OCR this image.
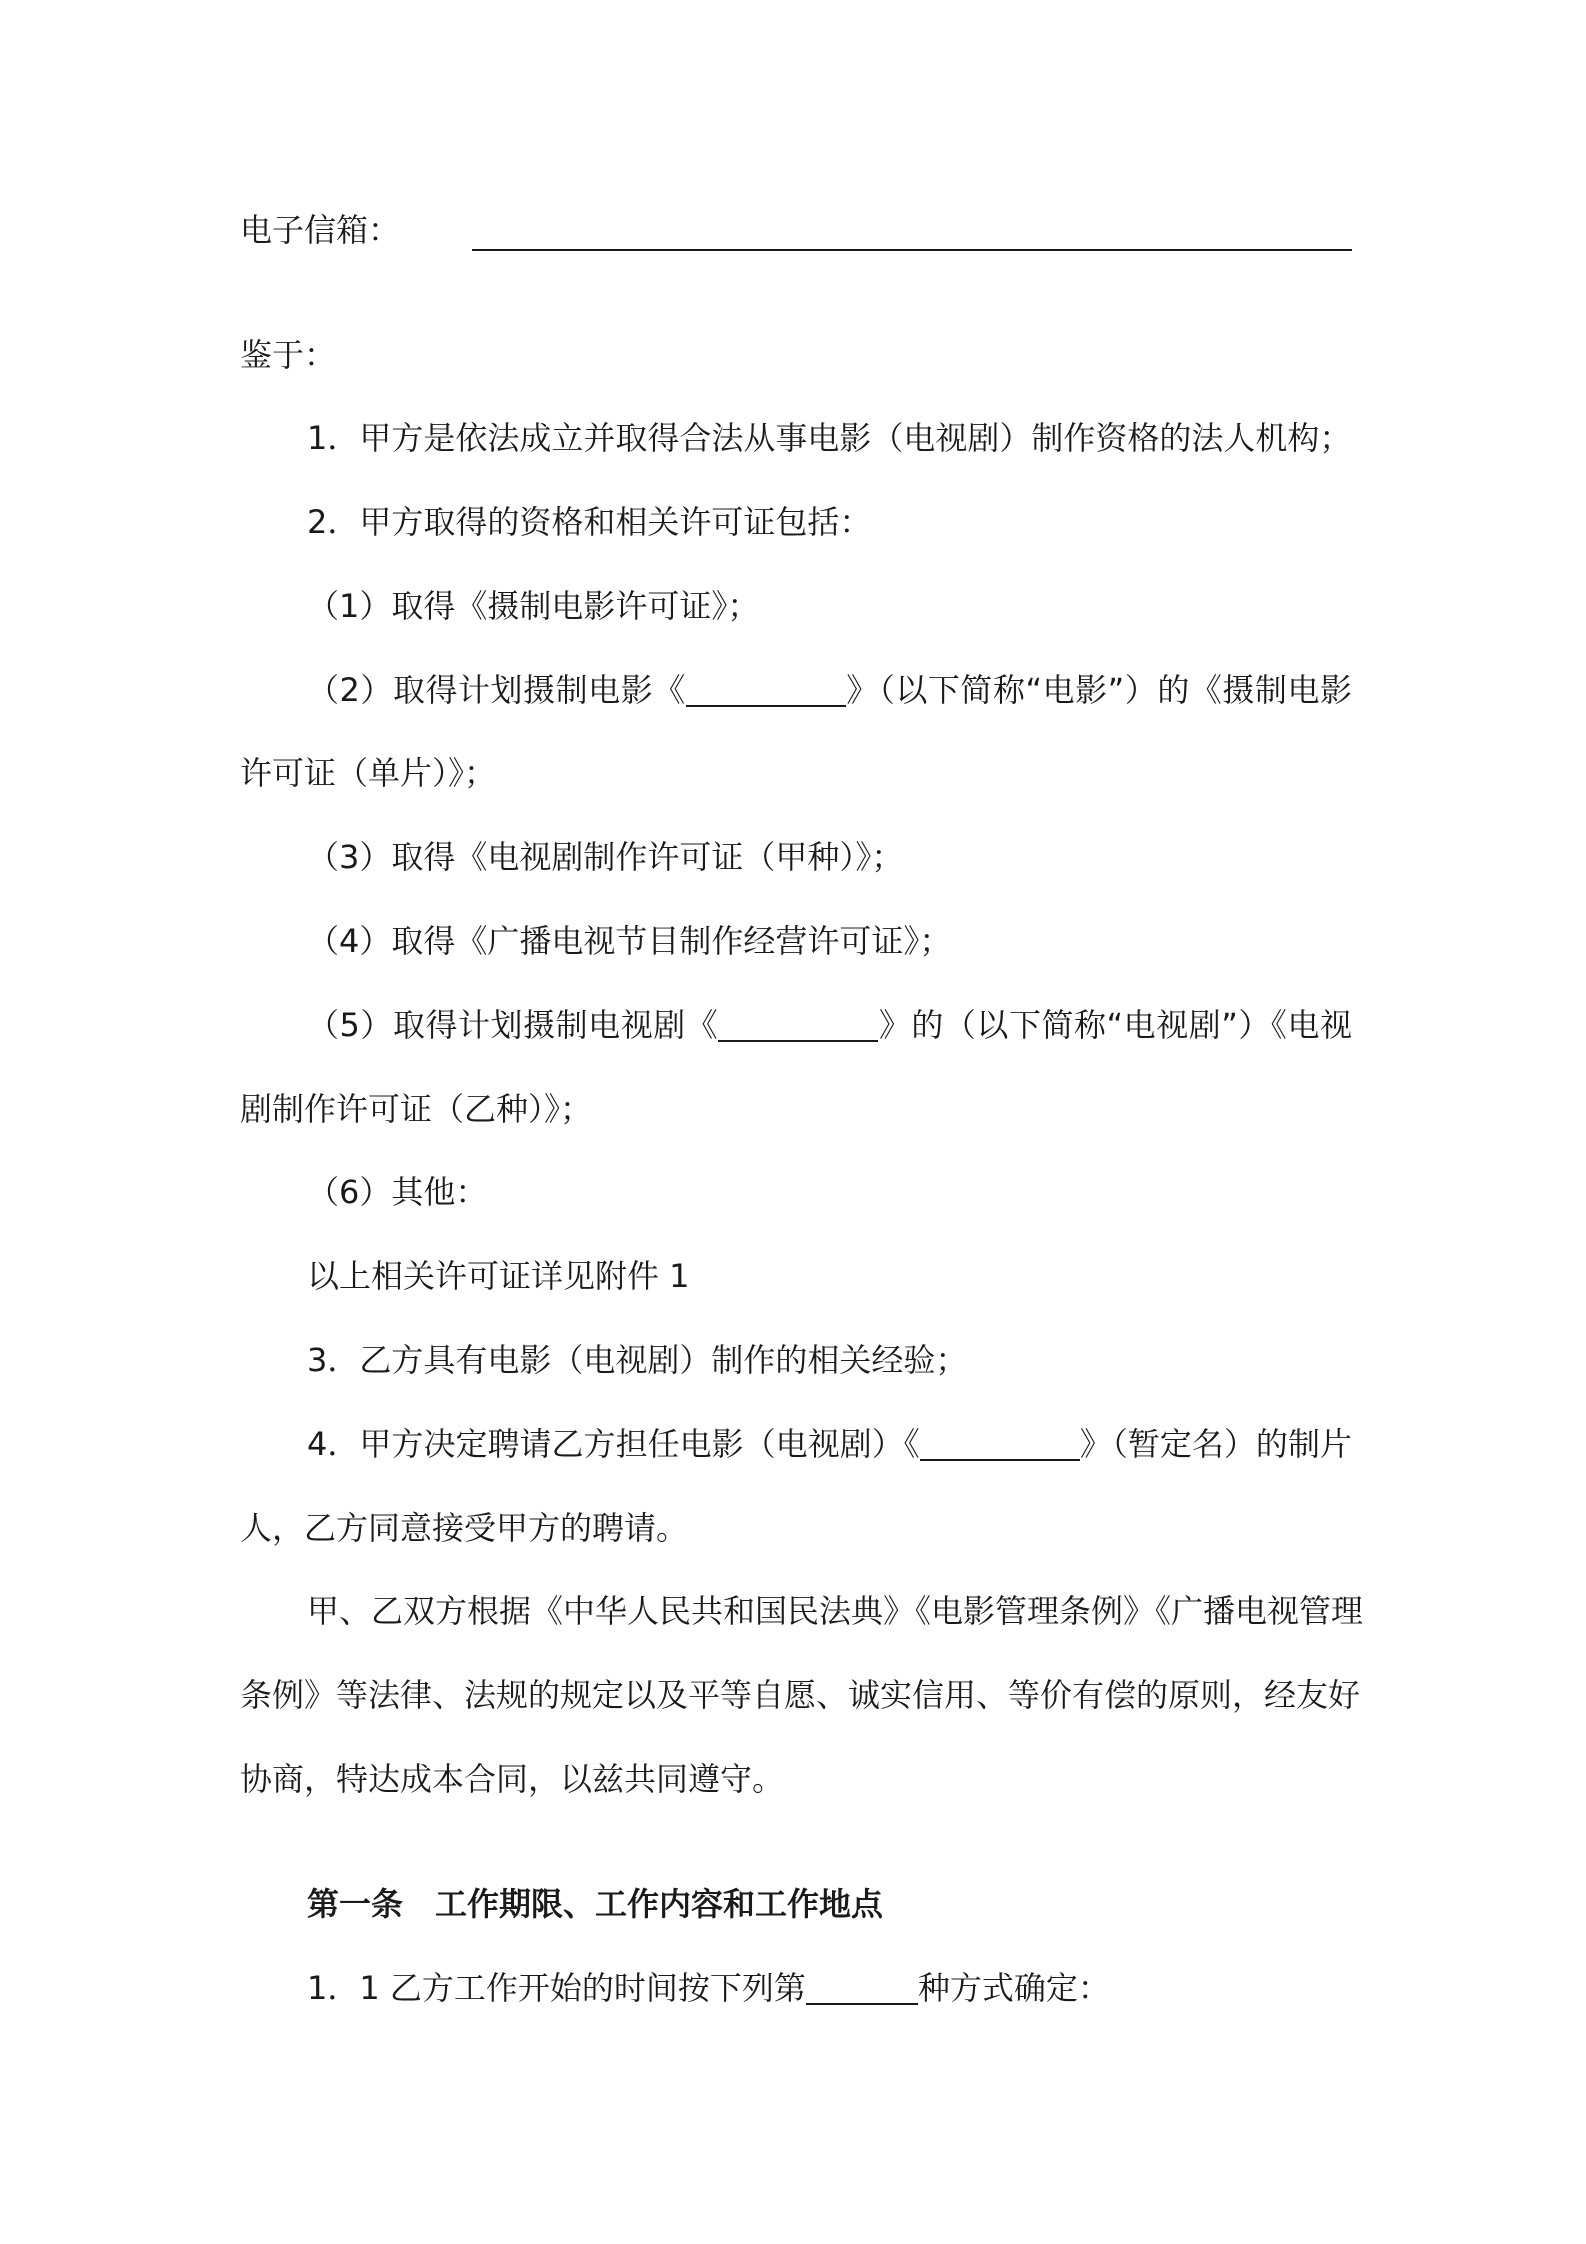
电子信箱：
鉴于：
1．甲方是依法成立并取得合法从事电影（电视剧）制作资格的法人机构；
2．甲方取得的资格和相关许可证包括：
（1）取得《摄制电影许可证》；
（2）取得计划摄制电影《	》（以下简称“电影”）的《摄制电影
许可证（单片）》；
（3）取得《电视剧制作许可证（甲种）》；
（4）取得《广播电视节目制作经营许可证》；
（5）取得计划摄制电视剧《	》的（以下简称“电视剧”）《电视
剧制作许可证（乙种）》；
（6）其他：
以上相关许可证详见附件 1
3．乙方具有电影（电视剧）制作的相关经验；
4．甲方决定聘请乙方担任电影（电视剧）《	》（暂定名）的制片
人，乙方同意接受甲方的聘请。
甲、乙双方根据《中华人民共和国民法典》《电影管理条例》《广播电视管理
条例》等法律、法规的规定以及平等自愿、诚实信用、等价有偿的原则，经友好
协商，特达成本合同，以兹共同遵守。
第一条　工作期限、工作内容和工作地点
1．1 乙方工作开始的时间按下列第	种方式确定：
